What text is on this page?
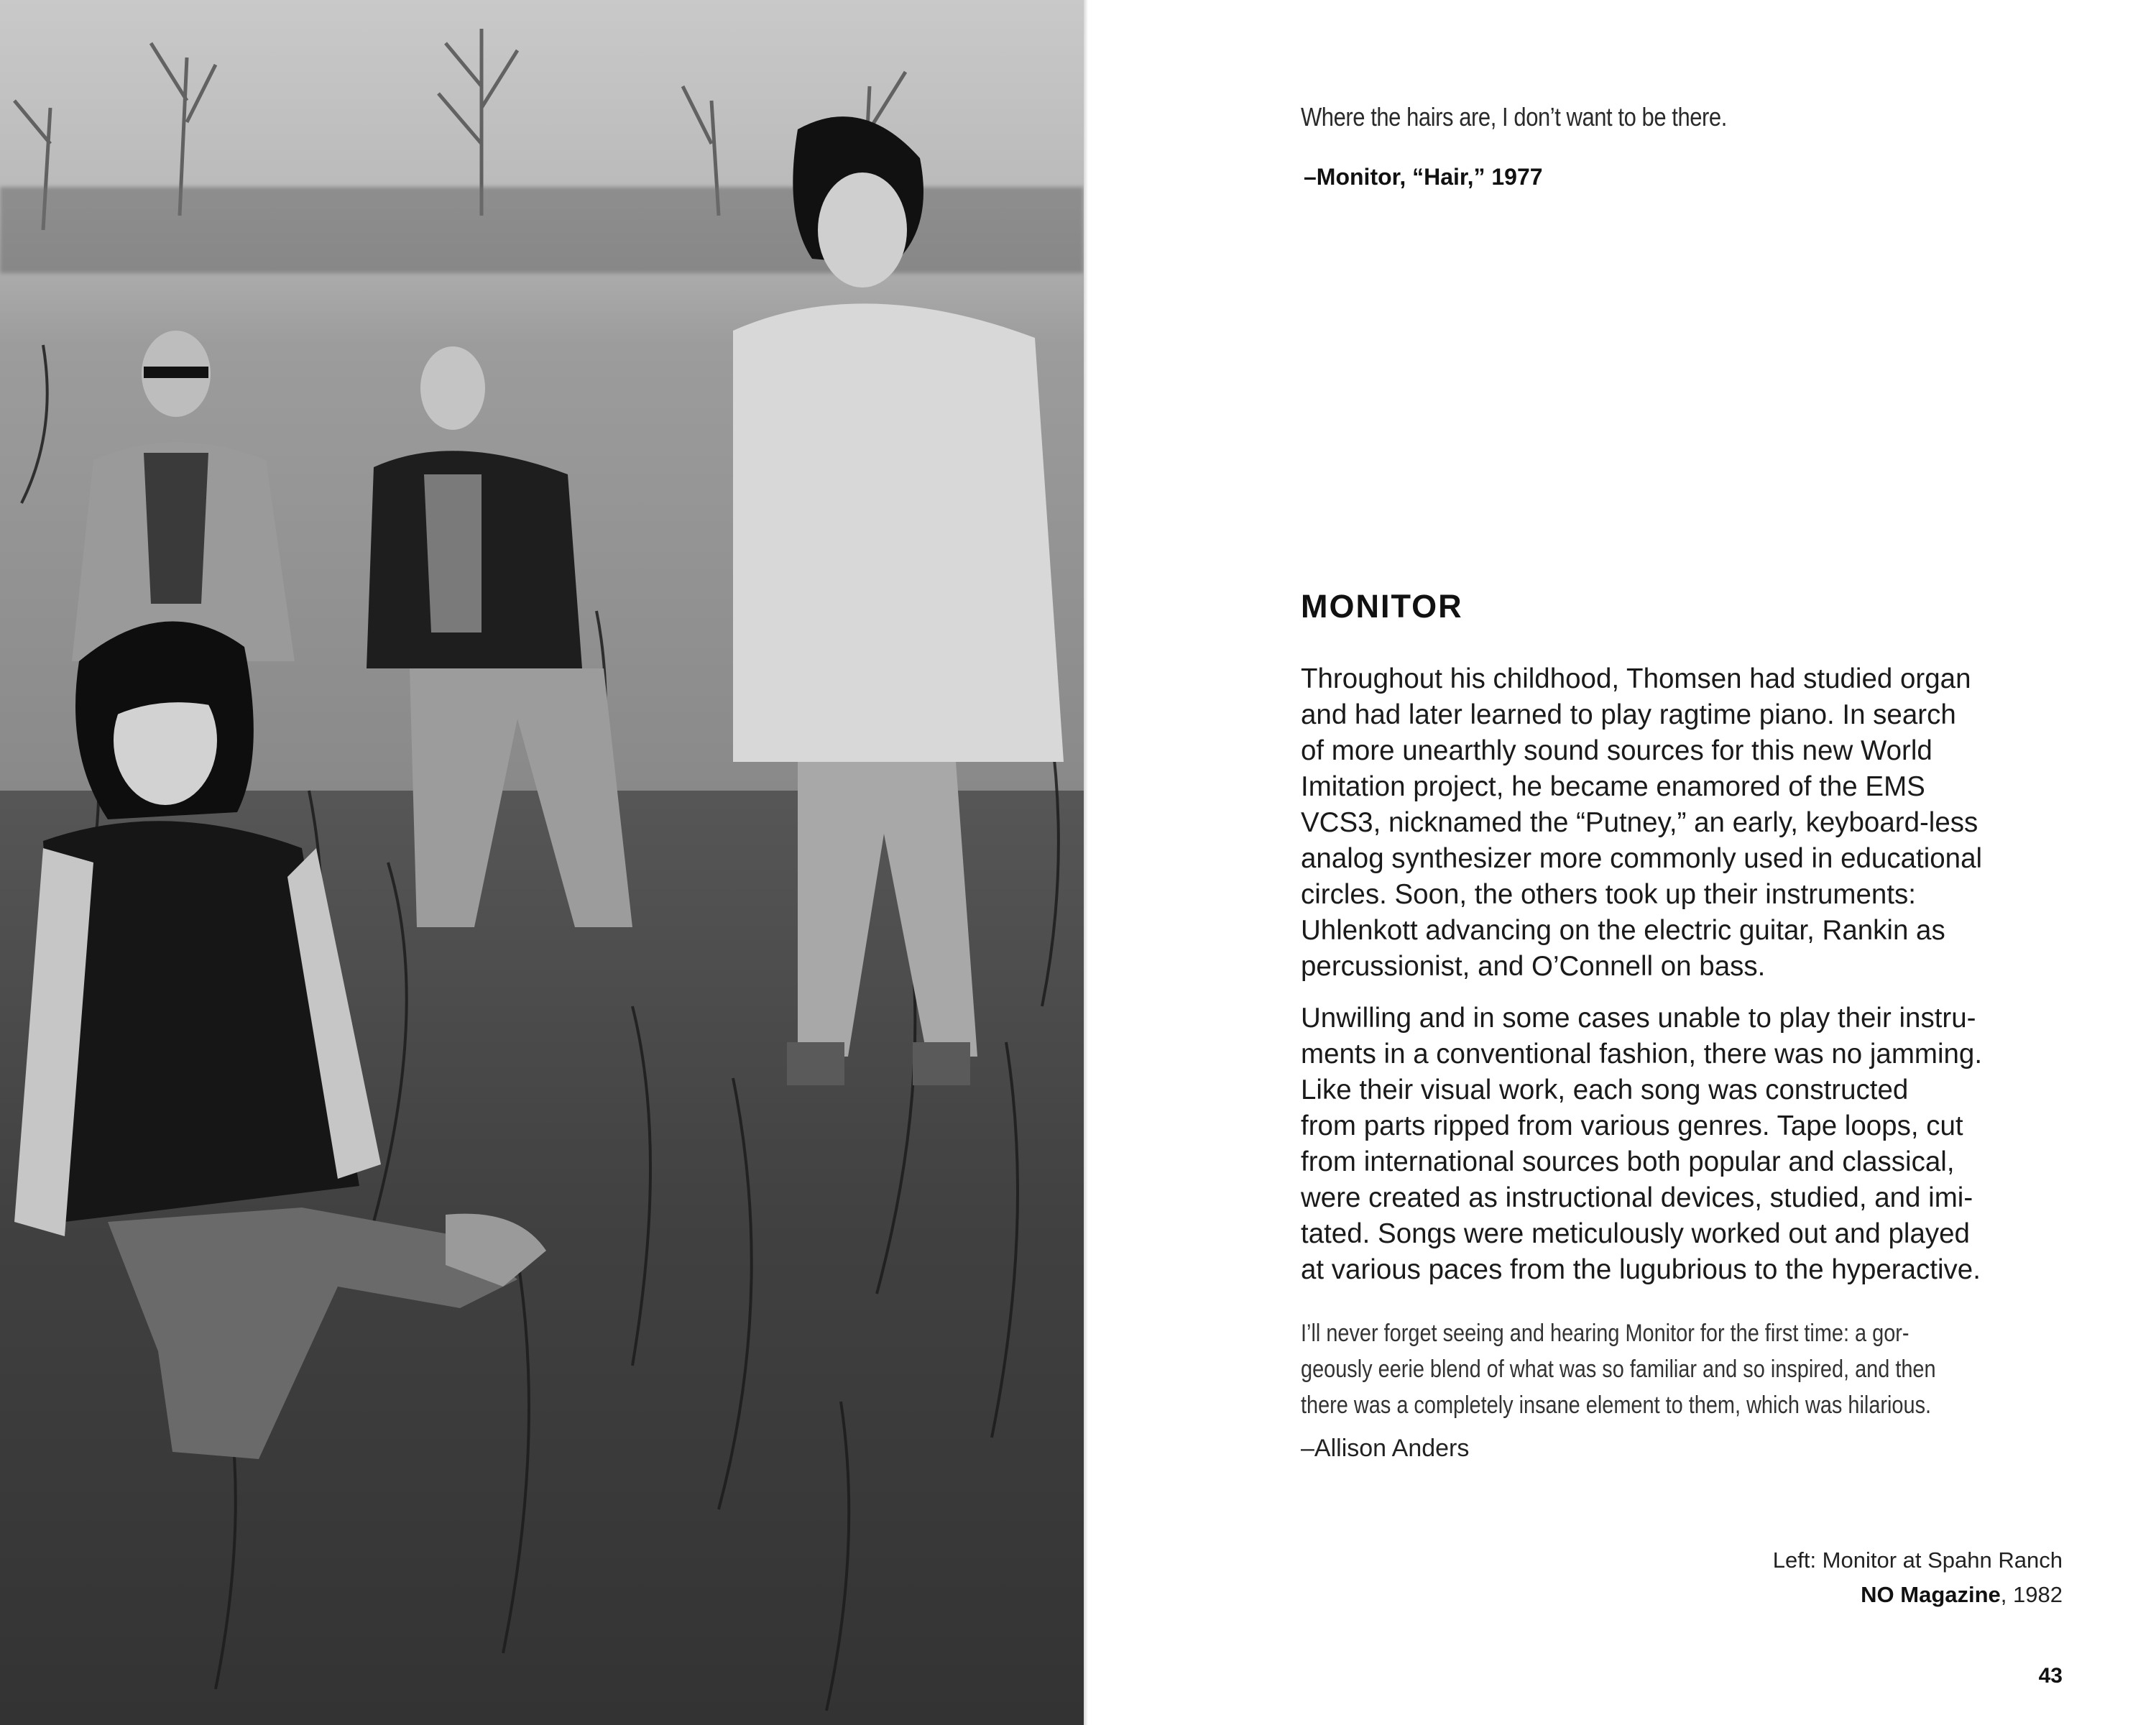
Where the hairs are, I don’t want to be there.
–Monitor, “Hair,” 1977
MONITOR
Throughout his childhood, Thomsen had studied organ
and had later learned to play ragtime piano. In search
of more unearthly sound sources for this new World
Imitation project, he became enamored of the EMS
VCS3, nicknamed the “Putney,” an early, keyboard-less
analog synthesizer more commonly used in educational
circles. Soon, the others took up their instruments:
Uhlenkott advancing on the electric guitar, Rankin as
percussionist, and O’Connell on bass.
Unwilling and in some cases unable to play their instru-
ments in a conventional fashion, there was no jamming.
Like their visual work, each song was constructed
from parts ripped from various genres. Tape loops, cut
from international sources both popular and classical,
were created as instructional devices, studied, and imi-
tated. Songs were meticulously worked out and played
at various paces from the lugubrious to the hyperactive.
I’ll never forget seeing and hearing Monitor for the first time: a gor-
geously eerie blend of what was so familiar and so inspired, and then
there was a completely insane element to them, which was hilarious.
–Allison Anders
Left: Monitor at Spahn Ranch
NO Magazine, 1982
43
